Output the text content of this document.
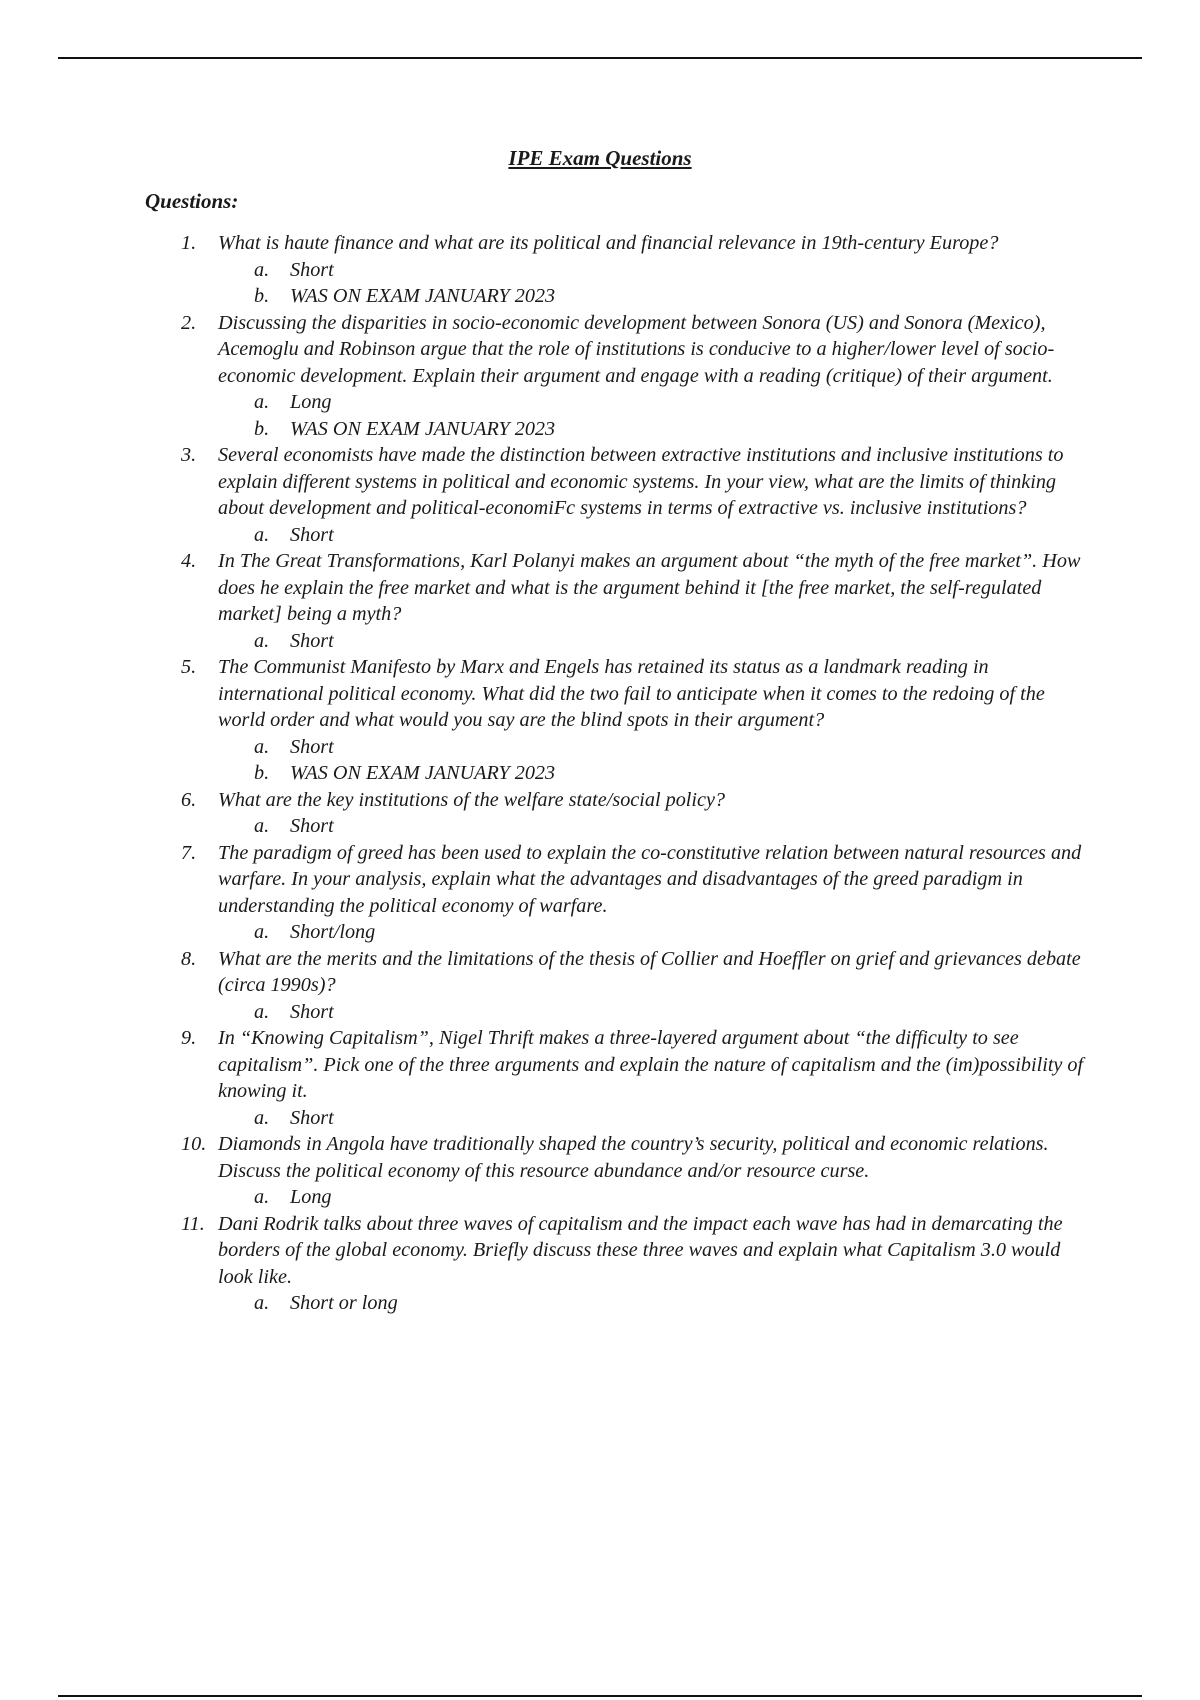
IPE Exam Questions
Questions:
1.	What is haute finance and what are its political and financial relevance in 19th-century Europe?
a. Short
b. WAS ON EXAM JANUARY 2023
2.	Discussing the disparities in socio-economic development between Sonora (US) and Sonora (Mexico), Acemoglu and Robinson argue that the role of institutions is conducive to a higher/lower level of socio-economic development. Explain their argument and engage with a reading (critique) of their argument.
a. Long
b. WAS ON EXAM JANUARY 2023
3.	Several economists have made the distinction between extractive institutions and inclusive institutions to explain different systems in political and economic systems. In your view, what are the limits of thinking about development and political-economiFc systems in terms of extractive vs. inclusive institutions?
a. Short
4.	In The Great Transformations, Karl Polanyi makes an argument about “the myth of the free market”. How does he explain the free market and what is the argument behind it [the free market, the self-regulated market] being a myth?
a. Short
5.	The Communist Manifesto by Marx and Engels has retained its status as a landmark reading in international political economy. What did the two fail to anticipate when it comes to the redoing of the world order and what would you say are the blind spots in their argument?
a. Short
b. WAS ON EXAM JANUARY 2023
6.	What are the key institutions of the welfare state/social policy?
a. Short
7.	The paradigm of greed has been used to explain the co-constitutive relation between natural resources and warfare. In your analysis, explain what the advantages and disadvantages of the greed paradigm in understanding the political economy of warfare.
a. Short/long
8.	What are the merits and the limitations of the thesis of Collier and Hoeffler on grief and grievances debate (circa 1990s)?
a. Short
9.	In “Knowing Capitalism”, Nigel Thrift makes a three-layered argument about “the difficulty to see capitalism”. Pick one of the three arguments and explain the nature of capitalism and the (im)possibility of knowing it.
a. Short
10. Diamonds in Angola have traditionally shaped the country’s security, political and economic relations. Discuss the political economy of this resource abundance and/or resource curse.
a. Long
11. Dani Rodrik talks about three waves of capitalism and the impact each wave has had in demarcating the borders of the global economy. Briefly discuss these three waves and explain what Capitalism 3.0 would look like.
a. Short or long
